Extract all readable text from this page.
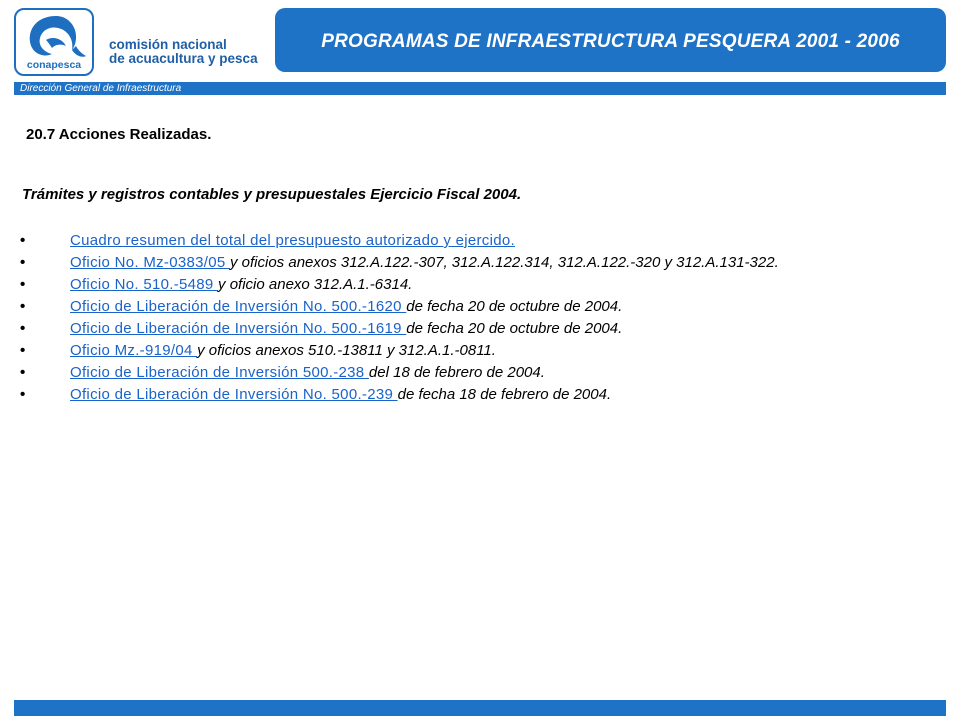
conapesca
comisión nacional
de acuacultura y pesca
PROGRAMAS DE INFRAESTRUCTURA PESQUERA 2001 - 2006
Dirección General de Infraestructura
20.7 Acciones Realizadas.
Trámites y registros contables y presupuestales Ejercicio Fiscal 2004.
•	Cuadro resumen del total del presupuesto autorizado y ejercido.
•	Oficio No. Mz-0383/05 y oficios anexos 312.A.122.-307, 312.A.122.314, 312.A.122.-320 y 312.A.131-322.
•	Oficio No. 510.-5489 y oficio anexo 312.A.1.-6314.
•	Oficio de Liberación de Inversión No. 500.-1620 de fecha 20 de octubre de 2004.
•	Oficio de Liberación de Inversión No. 500.-1619 de fecha 20 de octubre de 2004.
•	Oficio Mz.-919/04 y oficios anexos 510.-13811 y 312.A.1.-0811.
•	Oficio de Liberación de Inversión 500.-238 del 18 de febrero de 2004.
•	Oficio de Liberación de Inversión No. 500.-239 de fecha 18 de febrero de 2004.
